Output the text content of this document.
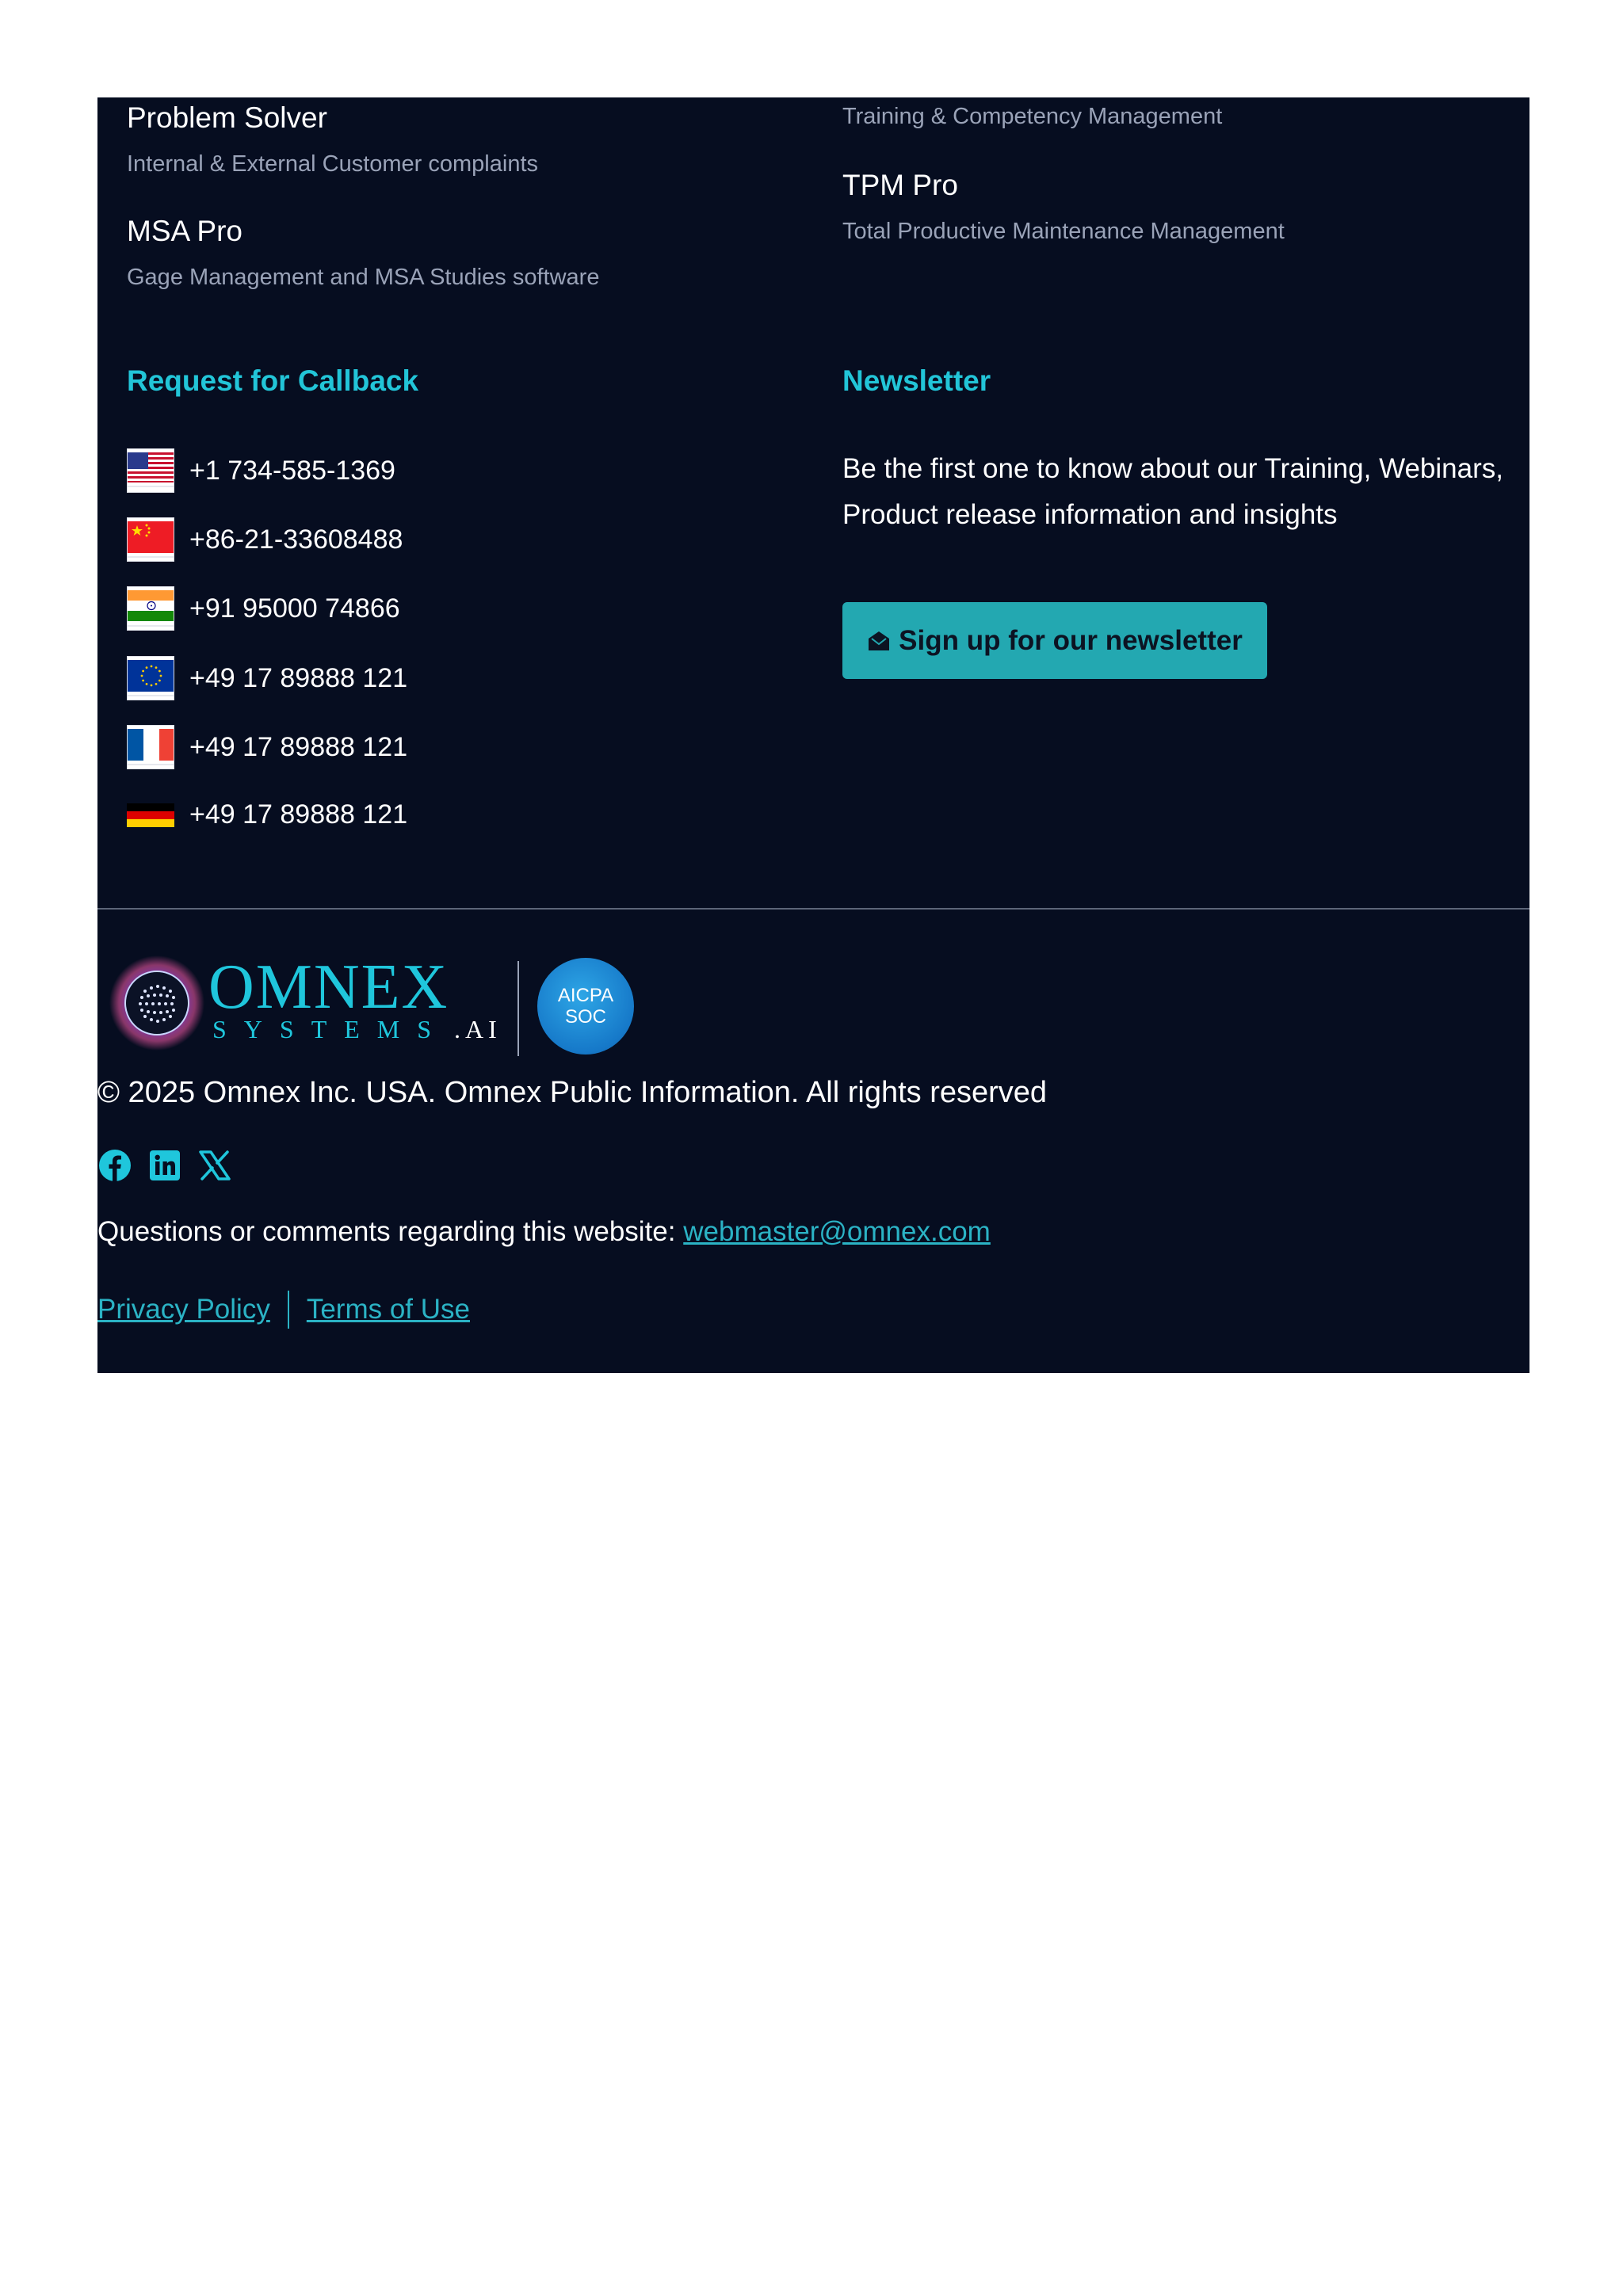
Problem Solver
Internal & External Customer complaints
MSA Pro
Gage Management and MSA Studies software
Training & Competency Management
TPM Pro
Total Productive Maintenance Management
Request for Callback
+1 734-585-1369
+86-21-33608488
+91 95000 74866
+49 17 89888 121
+49 17 89888 121
+49 17 89888 121
Newsletter
Be the first one to know about our Training, Webinars, Product release information and insights
Sign up for our newsletter
OMNEX
SYSTEMS .AI
AICPA
SOC
© 2025 Omnex Inc. USA. Omnex Public Information. All rights reserved
Questions or comments regarding this website: webmaster@omnex.com
Privacy Policy Terms of Use
